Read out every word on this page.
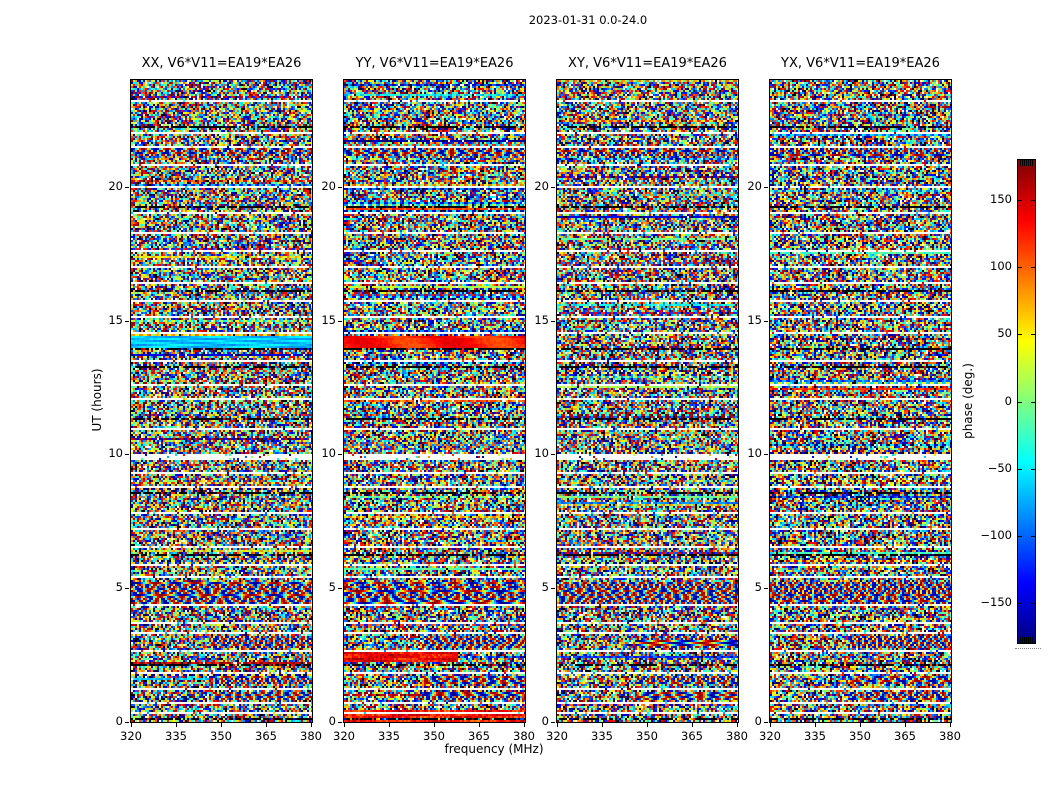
2023-01-31 0.0-24.0
UT (hours)
XX, V6*V11=EA19*EA26
0
5
10
15
20
320	335	350	365	380
YY, V6*V11=EA19*EA26
0
5
10
15
20
320	335	350	365	380
XY, V6*V11=EA19*EA26
0
5
10
15
20
320	335	350	365	380
YX, V6*V11=EA19*EA26
0
5
10
15
20
320	335	350	365	380
frequency (MHz)
phase (deg.)
150
100
50
0
−50
−100
−150
